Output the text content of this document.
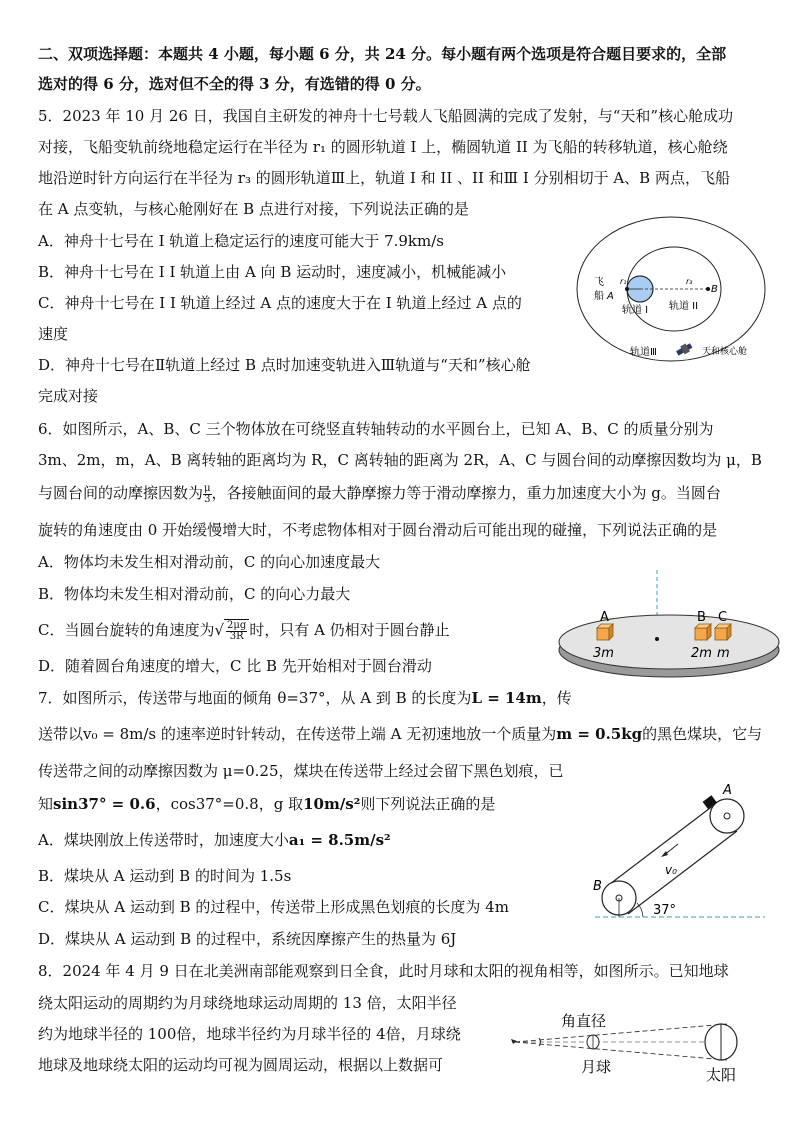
二、双项选择题：本题共 4 小题，每小题 6 分，共 24 分。每小题有两个选项是符合题目要求的，全部
选对的得 6 分，选对但不全的得 3 分，有选错的得 0 分。
5．2023 年 10 月 26 日，我国自主研发的神舟十七号载人飞船圆满的完成了发射，与“天和”核心舱成功
对接，飞船变轨前绕地稳定运行在半径为 r₁ 的圆形轨道 I 上，椭圆轨道 II 为飞船的转移轨道，核心舱绕
地沿逆时针方向运行在半径为 r₃ 的圆形轨道Ⅲ上，轨道 I 和 II 、II 和Ⅲ I 分别相切于 A、B 两点，飞船
在 A 点变轨，与核心舱刚好在 B 点进行对接，下列说法正确的是
A．神舟十七号在 I 轨道上稳定运行的速度可能大于 7.9km/s
B．神舟十七号在 I I 轨道上由 A 向 B 运动时，速度减小，机械能减小
C．神舟十七号在 I I 轨道上经过 A 点的速度大于在 I 轨道上经过 A 点的
速度
D．神舟十七号在Ⅱ轨道上经过 B 点时加速变轨进入Ⅲ轨道与“天和”核心舱
完成对接
飞
船 A
B
r₁	r₃
轨道 I 轨道 II
轨道Ⅲ	天和核心舱
6．如图所示，A、B、C 三个物体放在可绕竖直转轴转动的水平圆台上，已知 A、B、C 的质量分别为
3m、2m，m，A、B 离转轴的距离均为 R，C 离转轴的距离为 2R，A、C 与圆台间的动摩擦因数均为 μ，B
与圆台间的动摩擦因数为 $\frac{\mu}{3}$ ，各接触面间的最大静摩擦力等于滑动摩擦力，重力加速度大小为 g。当圆台
旋转的角速度由 0 开始缓慢增大时，不考虑物体相对于圆台滑动后可能出现的碰撞，下列说法正确的是
A．物体均未发生相对滑动前，C 的向心加速度最大
B．物体均未发生相对滑动前，C 的向心力最大
C．当圆台旋转的角速度为√ $\frac{2\mu g}{3R}$ 时，只有 A 仍相对于圆台静止
D．随着圆台角速度的增大，C 比 B 先开始相对于圆台滑动
A	B C
3m	2m m
7．如图所示，传送带与地面的倾角 θ=37°，从 A 到 B 的长度为L = 14m，传
送带以v₀ = 8m/s 的速率逆时针转动，在传送带上端 A 无初速地放一个质量为m = 0.5kg的黑色煤块，它与
传送带之间的动摩擦因数为 μ=0.25，煤块在传送带上经过会留下黑色划痕，已
知sin37° = 0.6，cos37°=0.8，g 取10m/s²则下列说法正确的是
A．煤块刚放上传送带时，加速度大小a₁ = 8.5m/s²
B．煤块从 A 运动到 B 的时间为 1.5s
C．煤块从 A 运动到 B 的过程中，传送带上形成黑色划痕的长度为 4m
D．煤块从 A 运动到 B 的过程中，系统因摩擦产生的热量为 6J
A
B
v₀
37°
8．2024 年 4 月 9 日在北美洲南部能观察到日全食，此时月球和太阳的视角相等，如图所示。已知地球
绕太阳运动的周期约为月球绕地球运动周期的 13 倍，太阳半径
约为地球半径的 100倍，地球半径约为月球半径的 4倍，月球绕
地球及地球绕太阳的运动均可视为圆周运动，根据以上数据可
角直径
月球	太阳
